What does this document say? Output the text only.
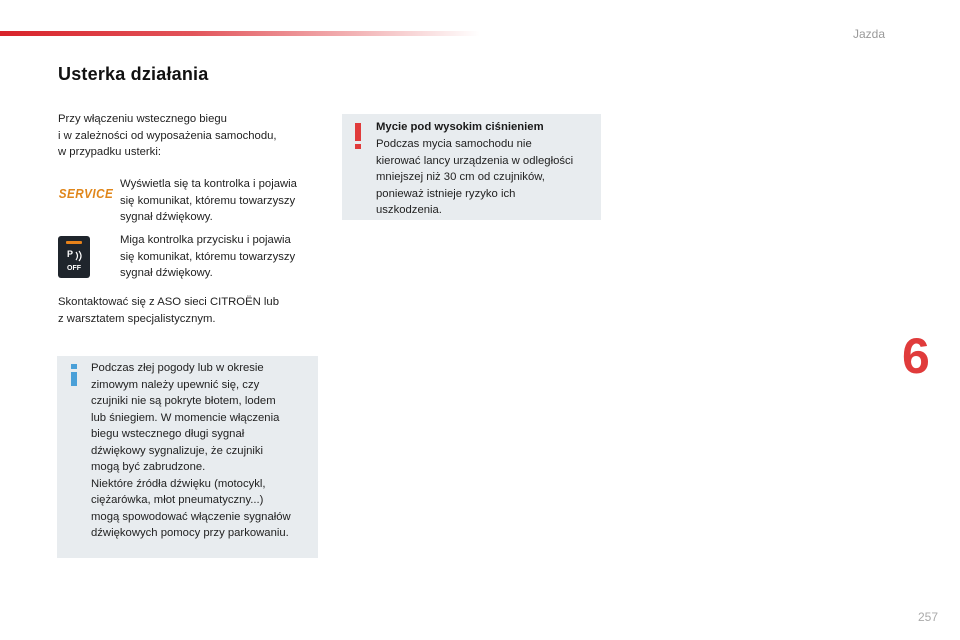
Jazda
Usterka działania
Przy włączeniu wstecznego biegu
i w zależności od wyposażenia samochodu,
w przypadku usterki:
SERVICE
Wyświetla się ta kontrolka i pojawia
się komunikat, któremu towarzyszy
sygnał dźwiękowy.
P
OFF
Miga kontrolka przycisku i pojawia
się komunikat, któremu towarzyszy
sygnał dźwiękowy.
Skontaktować się z ASO sieci CITROËN lub
z warsztatem specjalistycznym.
Podczas złej pogody lub w okresie
zimowym należy upewnić się, czy
czujniki nie są pokryte błotem, lodem
lub śniegiem. W momencie włączenia
biegu wstecznego długi sygnał
dźwiękowy sygnalizuje, że czujniki
mogą być zabrudzone.
Niektóre źródła dźwięku (motocykl,
ciężarówka, młot pneumatyczny...)
mogą spowodować włączenie sygnałów
dźwiękowych pomocy przy parkowaniu.
Mycie pod wysokim ciśnieniem
Podczas mycia samochodu nie
kierować lancy urządzenia w odległości
mniejszej niż 30 cm od czujników,
ponieważ istnieje ryzyko ich
uszkodzenia.
6
257
